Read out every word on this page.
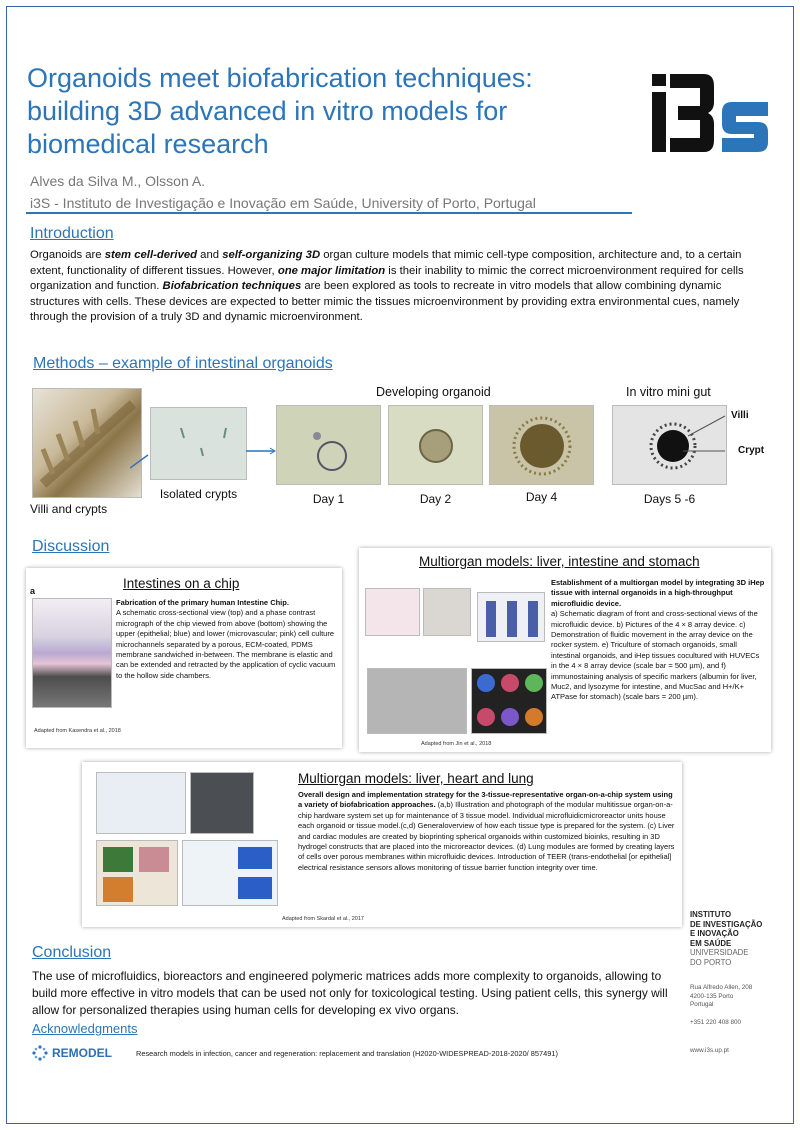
Organoids meet biofabrication techniques:
building 3D advanced in vitro models for
biomedical research
Alves da Silva M., Olsson A.
i3S - Instituto de Investigação e Inovação em Saúde, University of Porto, Portugal
Introduction
Organoids are stem cell-derived and self-organizing 3D organ culture models that mimic cell-type composition, architecture and, to a certain extent, functionality of different tissues. However, one major limitation is their inability to mimic the correct microenvironment required for cells organization and function. Biofabrication techniques are been explored as tools to recreate in vitro models that allow combining dynamic structures with cells. These devices are expected to better mimic the tissues microenvironment by providing extra environmental cues, namely through the provision of a truly 3D and dynamic microenvironment.
Methods – example of intestinal organoids
Developing organoid	In vitro mini gut
Villi and crypts
Isolated crypts	Day 1	Day 2	Day 4
Villi
Crypt
Days 5 -6
Discussion
Intestines on a chip
a
Adapted from Kasendra et al., 2018
Fabrication of the primary human Intestine Chip.
A schematic cross-sectional view (top) and a phase contrast micrograph of the chip viewed from above (bottom) showing the upper (epithelial; blue) and lower (microvascular; pink) cell culture microchannels separated by a porous, ECM-coated, PDMS membrane sandwiched in-between. The membrane is elastic and can be extended and retracted by the application of cyclic vacuum to the hollow side chambers.
Multiorgan models: liver, intestine and stomach
Adapted from Jin et al., 2018
Establishment of a multiorgan model by integrating 3D iHep tissue with internal organoids in a high-throughput microfluidic device.
a) Schematic diagram of front and cross-sectional views of the microfluidic device. b) Pictures of the 4 × 8 array device. c) Demonstration of fluidic movement in the array device on the rocker system. e) Triculture of stomach organoids, small intestinal organoids, and iHep tissues cocultured with HUVECs in the 4 × 8 array device (scale bar = 500 µm), and f) immunostaining analysis of specific markers (albumin for liver, Muc2, and lysozyme for intestine, and MucSac and H+/K+ ATPase for stomach) (scale bars = 200 µm).
Multiorgan models: liver, heart and lung
Adapted from Skardal et al., 2017
Overall design and implementation strategy for the 3-tissue-representative organ-on-a-chip system using a variety of biofabrication approaches. (a,b) Illustration and photograph of the modular multitissue organ-on-a-chip hardware system set up for maintenance of 3 tissue model. Individual microfluidicmicroreactor units house each organoid or tissue model.(c,d) Generaloverview of how each tissue type is prepared for the system. (c) Liver and cardiac modules are created by bioprinting spherical organoids within customized bioinks, resulting in 3D hydrogel constructs that are placed into the microreactor devices. (d) Lung modules are formed by creating layers of cells over porous membranes within microfluidic devices. Introduction of TEER (trans-endothelial [or epithelial] electrical resistance sensors allows monitoring of tissue barrier function integrity over time.
INSTITUTO
DE INVESTIGAÇÃO
E INOVAÇÃO
EM SAÚDE
UNIVERSIDADE
DO PORTO
Rua Alfredo Allen, 208
4200-135 Porto
Portugal
+351 220 408 800
www.i3s.up.pt
Conclusion
The use of microfluidics, bioreactors and engineered polymeric matrices adds more complexity to organoids, allowing to build more effective in vitro models that can be used not only for toxicological testing. Using patient cells, this synergy will allow for personalized therapies using human cells for developing ex vivo organs.
Acknowledgments
REMODEL	Research models in infection, cancer and regeneration: replacement and translation (H2020-WIDESPREAD-2018-2020/ 857491)
